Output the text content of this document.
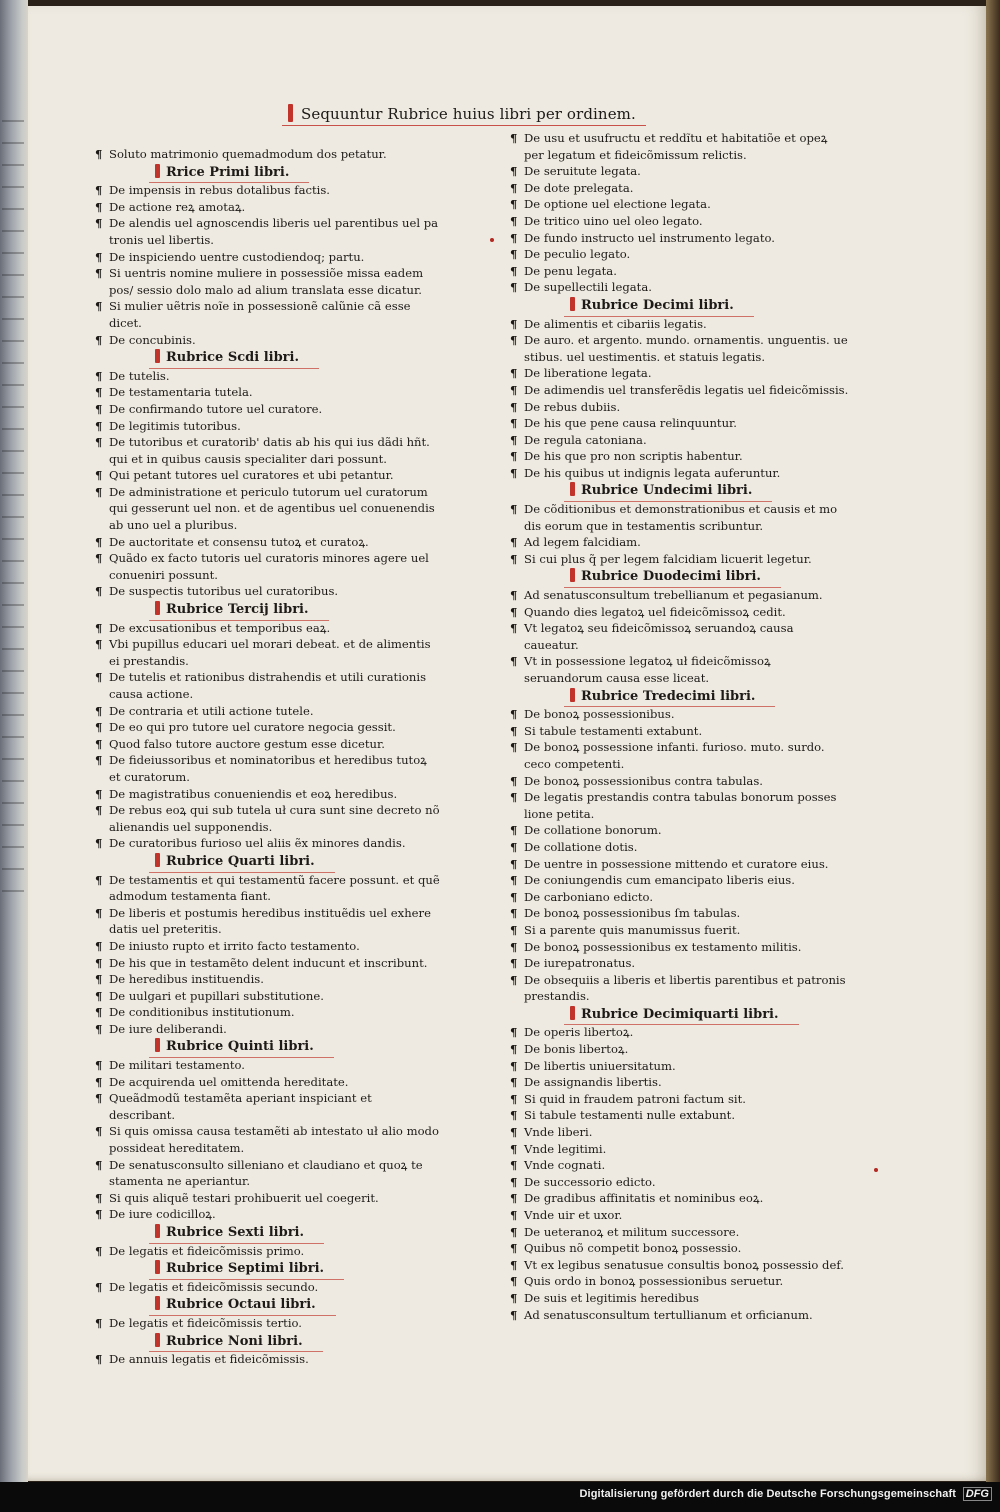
Sequuntur Rubrice huius libri per ordinem.

¶ Soluto matrimonio quemadmodum dos petatur.

Rrice Primi libri.

¶ De impensis in rebus dotalibus factis.

¶ De actione reꝝ amotaꝝ.

¶ De alendis uel agnoscendis liberis uel parentibus uel pa tronis uel libertis.

¶ De inspiciendo uentre custodiendoq; partu.

¶ Si uentris nomine muliere in possessiõe missa eadem pos/ sessio dolo malo ad alium translata esse dicatur.

¶ Si mulier uẽtris noĩe in possessionẽ calũnie cã esse dicet.

¶ De concubinis.

Rubrice Scdi libri.

¶ De tutelis.

¶ De testamentaria tutela.

¶ De confirmando tutore uel curatore.

¶ De legitimis tutoribus.

¶ De tutoribus et curatorib' datis ab his qui ius dãdi hñt. qui et in quibus causis specialiter dari possunt.

¶ Qui petant tutores uel curatores et ubi petantur.

¶ De administratione et periculo tutorum uel curatorum qui gesserunt uel non. et de agentibus uel conuenendis ab uno uel a pluribus.

¶ De auctoritate et consensu tutoꝝ et curatoꝝ.

¶ Quãdo ex facto tutoris uel curatoris minores agere uel conueniri possunt.

¶ De suspectis tutoribus uel curatoribus.

Rubrice Tercij libri.

¶ De excusationibus et temporibus eaꝝ.

¶ Vbi pupillus educari uel morari debeat. et de alimentis ei prestandis.

¶ De tutelis et rationibus distrahendis et utili curationis causa actione.

¶ De contraria et utili actione tutele.

¶ De eo qui pro tutore uel curatore negocia gessit.

¶ Quod falso tutore auctore gestum esse dicetur.

¶ De fideiussoribus et nominatoribus et heredibus tutoꝝ et curatorum.

¶ De magistratibus conueniendis et eoꝝ heredibus.

¶ De rebus eoꝝ qui sub tutela uł cura sunt sine decreto nõ alienandis uel supponendis.

¶ De curatoribus furioso uel aliis ẽx minores dandis.

Rubrice Quarti libri.

¶ De testamentis et qui testamentũ facere possunt. et quẽ admodum testamenta fiant.

¶ De liberis et postumis heredibus instituẽdis uel exhere datis uel preteritis.

¶ De iniusto rupto et irrito facto testamento.

¶ De his que in testamẽto delent inducunt et inscribunt.

¶ De heredibus instituendis.

¶ De uulgari et pupillari substitutione.

¶ De conditionibus institutionum.

¶ De iure deliberandi.

Rubrice Quinti libri.

¶ De militari testamento.

¶ De acquirenda uel omittenda hereditate.

¶ Queãdmodũ testamẽta aperiant inspiciant et describant.

¶ Si quis omissa causa testamẽti ab intestato uł alio modo possideat hereditatem.

¶ De senatusconsulto silleniano et claudiano et quoꝝ te stamenta ne aperiantur.

¶ Si quis aliquẽ testari prohibuerit uel coegerit.

¶ De iure codicilloꝝ.

Rubrice Sexti libri.

¶ De legatis et fideicõmissis primo.

Rubrice Septimi libri.

¶ De legatis et fideicõmissis secundo.

Rubrice Octaui libri.

¶ De legatis et fideicõmissis tertio.

Rubrice Noni libri.

¶ De annuis legatis et fideicõmissis.

¶ De usu et usufructu et reddĩtu et habitatiõe et opeꝝ per legatum et fideicõmissum relictis.

¶ De seruitute legata.

¶ De dote prelegata.

¶ De optione uel electione legata.

¶ De tritico uino uel oleo legato.

¶ De fundo instructo uel instrumento legato.

¶ De peculio legato.

¶ De penu legata.

¶ De supellectili legata.

Rubrice Decimi libri.

¶ De alimentis et cibariis legatis.

¶ De auro. et argento. mundo. ornamentis. unguentis. ue stibus. uel uestimentis. et statuis legatis.

¶ De liberatione legata.

¶ De adimendis uel transferẽdis legatis uel fideicõmissis.

¶ De rebus dubiis.

¶ De his que pene causa relinquuntur.

¶ De regula catoniana.

¶ De his que pro non scriptis habentur.

¶ De his quibus ut indignis legata auferuntur.

Rubrice Undecimi libri.

¶ De cõditionibus et demonstrationibus et causis et mo dis eorum que in testamentis scribuntur.

¶ Ad legem falcidiam.

¶ Si cui plus q̃ per legem falcidiam licuerit legetur.

Rubrice Duodecimi libri.

¶ Ad senatusconsultum trebellianum et pegasianum.

¶ Quando dies legatoꝝ uel fideicõmissoꝝ cedit.

¶ Vt legatoꝝ seu fideicõmissoꝝ seruandoꝝ causa caueatur.

¶ Vt in possessione legatoꝝ uł fideicõmissoꝝ seruandorum causa esse liceat.

Rubrice Tredecimi libri.

¶ De bonoꝝ possessionibus.

¶ Si tabule testamenti extabunt.

¶ De bonoꝝ possessione infanti. furioso. muto. surdo. ceco competenti.

¶ De bonoꝝ possessionibus contra tabulas.

¶ De legatis prestandis contra tabulas bonorum posses lione petita.

¶ De collatione bonorum.

¶ De collatione dotis.

¶ De uentre in possessione mittendo et curatore eius.

¶ De coniungendis cum emancipato liberis eius.

¶ De carboniano edicto.

¶ De bonoꝝ possessionibus ſm tabulas.

¶ Si a parente quis manumissus fuerit.

¶ De bonoꝝ possessionibus ex testamento militis.

¶ De iurepatronatus.

¶ De obsequiis a liberis et libertis parentibus et patronis prestandis.

Rubrice Decimiquarti libri.

¶ De operis libertoꝝ.

¶ De bonis libertoꝝ.

¶ De libertis uniuersitatum.

¶ De assignandis libertis.

¶ Si quid in fraudem patroni factum sit.

¶ Si tabule testamenti nulle extabunt.

¶ Vnde liberi.

¶ Vnde legitimi.

¶ Vnde cognati.

¶ De successorio edicto.

¶ De gradibus affinitatis et nominibus eoꝝ.

¶ Vnde uir et uxor.

¶ De ueteranoꝝ et militum successore.

¶ Quibus nõ competit bonoꝝ possessio.

¶ Vt ex legibus senatusue consultis bonoꝝ possessio def.

¶ Quis ordo in bonoꝝ possessionibus seruetur.

¶ De suis et legitimis heredibus

¶ Ad senatusconsultum tertullianum et orficianum.

Digitalisierung gefördert durch die Deutsche Forschungsgemeinschaft DFG
